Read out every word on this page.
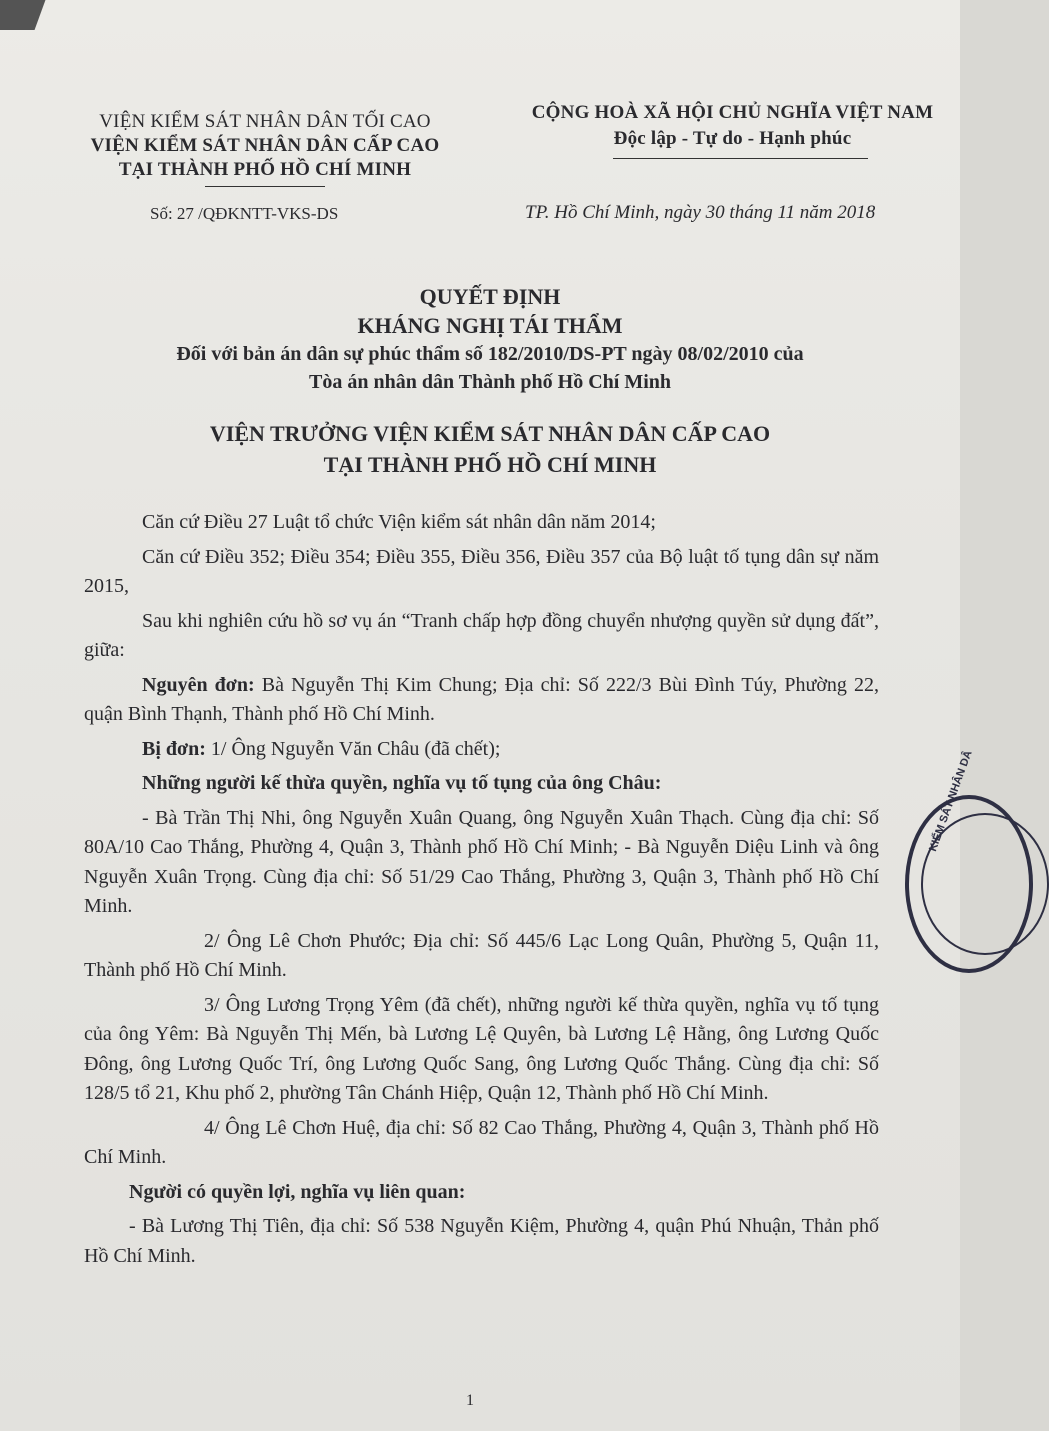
VIỆN KIỂM SÁT NHÂN DÂN TỐI CAO
VIỆN KIỂM SÁT NHÂN DÂN CẤP CAO
TẠI THÀNH PHỐ HỒ CHÍ MINH
CỘNG HOÀ XÃ HỘI CHỦ NGHĨA VIỆT NAM
Độc lập - Tự do - Hạnh phúc
Số: 27 /QĐKNTT-VKS-DS	TP. Hồ Chí Minh, ngày 30 tháng 11 năm 2018
QUYẾT ĐỊNH
KHÁNG NGHỊ TÁI THẨM
Đối với bản án dân sự phúc thẩm số 182/2010/DS-PT ngày 08/02/2010 của
Tòa án nhân dân Thành phố Hồ Chí Minh
VIỆN TRƯỞNG VIỆN KIỂM SÁT NHÂN DÂN CẤP CAO
TẠI THÀNH PHỐ HỒ CHÍ MINH

Căn cứ Điều 27 Luật tổ chức Viện kiểm sát nhân dân năm 2014;

Căn cứ Điều 352; Điều 354; Điều 355, Điều 356, Điều 357 của Bộ luật tố tụng dân sự năm 2015,

Sau khi nghiên cứu hồ sơ vụ án “Tranh chấp hợp đồng chuyển nhượng quyền sử dụng đất”, giữa:

Nguyên đơn: Bà Nguyễn Thị Kim Chung; Địa chỉ: Số 222/3 Bùi Đình Túy, Phường 22, quận Bình Thạnh, Thành phố Hồ Chí Minh.

Bị đơn: 1/ Ông Nguyễn Văn Châu (đã chết);

Những người kế thừa quyền, nghĩa vụ tố tụng của ông Châu:

- Bà Trần Thị Nhi, ông Nguyễn Xuân Quang, ông Nguyễn Xuân Thạch. Cùng địa chỉ: Số 80A/10 Cao Thắng, Phường 4, Quận 3, Thành phố Hồ Chí Minh; - Bà Nguyễn Diệu Linh và ông Nguyễn Xuân Trọng. Cùng địa chỉ: Số 51/29 Cao Thắng, Phường 3, Quận 3, Thành phố Hồ Chí Minh.

2/ Ông Lê Chơn Phước; Địa chỉ: Số 445/6 Lạc Long Quân, Phường 5, Quận 11, Thành phố Hồ Chí Minh.

3/ Ông Lương Trọng Yêm (đã chết), những người kế thừa quyền, nghĩa vụ tố tụng của ông Yêm: Bà Nguyễn Thị Mến, bà Lương Lệ Quyên, bà Lương Lệ Hằng, ông Lương Quốc Đông, ông Lương Quốc Trí, ông Lương Quốc Sang, ông Lương Quốc Thắng. Cùng địa chỉ: Số 128/5 tổ 21, Khu phố 2, phường Tân Chánh Hiệp, Quận 12, Thành phố Hồ Chí Minh.

4/ Ông Lê Chơn Huệ, địa chỉ: Số 82 Cao Thắng, Phường 4, Quận 3, Thành phố Hồ Chí Minh.

Người có quyền lợi, nghĩa vụ liên quan:

- Bà Lương Thị Tiên, địa chỉ: Số 538 Nguyễn Kiệm, Phường 4, quận Phú Nhuận, Thản phố Hồ Chí Minh.

1
KIỂM SÁT NHÂN DÂ
